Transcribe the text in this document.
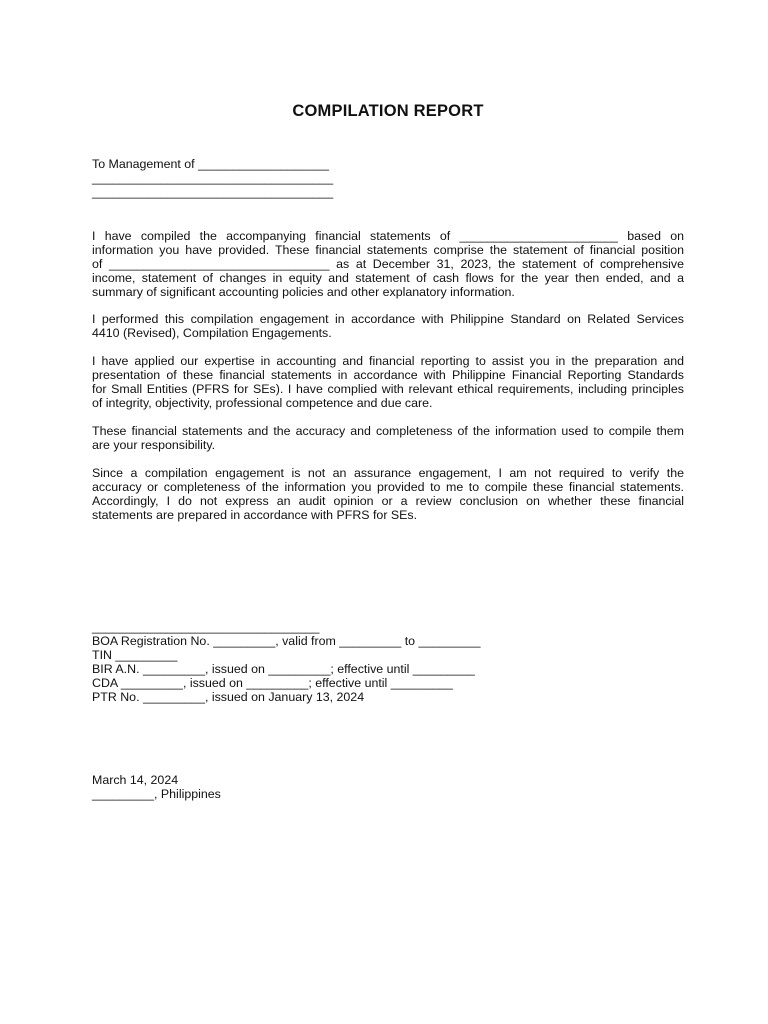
COMPILATION REPORT
To Management of ___________________
___________________________________
___________________________________
I have compiled the accompanying financial statements of _______________________ based on
information you have provided. These financial statements comprise the statement of financial position
of ________________________________ as at December 31, 2023, the statement of comprehensive
income, statement of changes in equity and statement of cash flows for the year then ended, and a
summary of significant accounting policies and other explanatory information.
I performed this compilation engagement in accordance with Philippine Standard on Related Services
4410 (Revised), Compilation Engagements.
I have applied our expertise in accounting and financial reporting to assist you in the preparation and
presentation of these financial statements in accordance with Philippine Financial Reporting Standards
for Small Entities (PFRS for SEs). I have complied with relevant ethical requirements, including principles
of integrity, objectivity, professional competence and due care.
These financial statements and the accuracy and completeness of the information used to compile them
are your responsibility.
Since a compilation engagement is not an assurance engagement, I am not required to verify the
accuracy or completeness of the information you provided to me to compile these financial statements.
Accordingly, I do not express an audit opinion or a review conclusion on whether these financial
statements are prepared in accordance with PFRS for SEs.
_________________________________
BOA Registration No. _________, valid from _________ to _________
TIN _________
BIR A.N. _________, issued on _________; effective until _________
CDA _________, issued on _________; effective until _________
PTR No. _________, issued on January 13, 2024
March 14, 2024
_________, Philippines
